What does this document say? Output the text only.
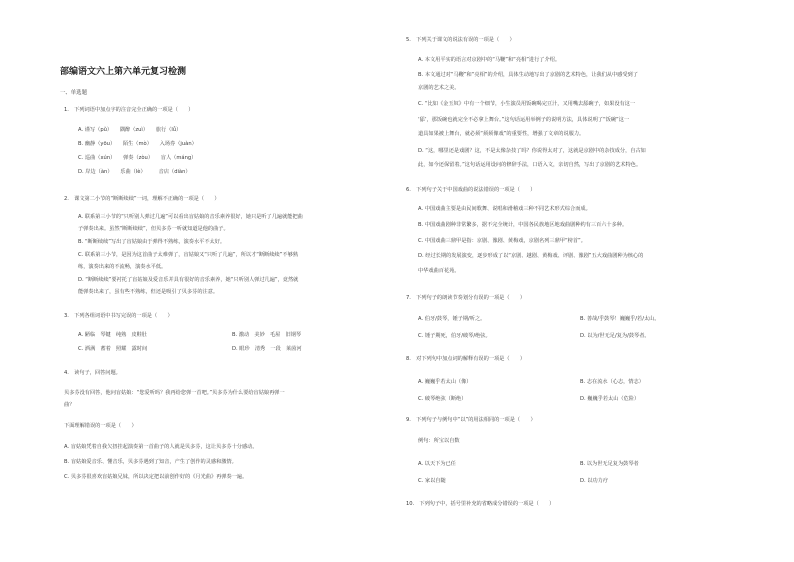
部编语文六上第六单元复习检测
一、单选题
1.　下列词语中加点字的注音完全正确的一项是（　　）
A. 谨写（pǔ）　　隅醉（zuì）　　旅行（lǚ）
B. 幽静（yōu）　　陌生（mò）　　入场券（juàn）
C. 巡曲（xún）　　弹奏（zòu）　　盲人（máng）
D. 岸边（àn）　　乐曲（lè）　　　音店（diàn）
2.　课文第二小节的“断断续续”一词，理解不正确的一项是（　　）
A. 联系第三小节的“只听别人弹过几遍”可以看出盲姑娘的音乐素养很好，她只是听了几遍就能把曲
子弹奏出来。虽然“断断续续”，但贝多芬一听就知道是他的曲子。
B. “断断续续”写出了盲姑娘由于弹得不熟练，演奏水平不太好。
C. 联系第三小节，是因为这首曲子太难弹了，盲姑娘又“只听了几遍”，所以才“断断续续”不够熟
练，演奏出来的不流畅，演奏水平低。
D. “断断续续”要衬托了盲姑娘及爱音乐并具有很好的音乐素养，她“只听别人弹过几遍”，竟然就
能弹奏出来了，虽有些不熟练，但还是吸引了贝多芬的注意。
3.　下列各组词语中书写完误的一项是（　　）
A. 陋临　琴键　纯熟　皮鞋肚	B. 激动　美妙　毛屋　旧钢琴
C. 洒满　蓄着　照耀　露时间	D. 眼珍　清秀　一段　莱茵河
4.　读句子，回答问题。
贝多芬没有回答，他问盲姑娘：“您爱听吗？我再给您弹一首吧。”贝多芬为什么要给盲姑娘再弹一
曲？
下面理解错误的一项是（　　）
A. 盲姑娘凭着自我欠扭挂起演奏第一首曲子的人就是贝多芬，这让贝多芬十分感动。
B. 盲姑娘爱音乐、懂音乐，贝多芬遇到了知音，产生了创作的灵感和激情。
C. 贝多芬很喜欢盲姑娘兄妹，所以决定把以前创作好的《月光曲》再弹奏一遍。
5.　下列关于课文的说法有误的一项是（　　）
A. 本文用平实的语言对京剧中的“马鞭”和“亮相”进行了介绍。
B. 本文通过对“马鞭”和“亮相”的介绍，具体生动地写出了京剧的艺术特色，让我们从中感受到了
京剧的艺术之美。
C. “比如《金玉奴》中有一个细节，小生演员用饭碗喝完豆汁，又用嘴去舔碗子，如果没有这一
‘舔’，那饭碗也就完全不必拿上舞台。”这句话运用举例子的说明方法，具体说明了“饭碗”这一
道具如果被上舞台，就必须“须须像戏”的重要性，增强了文章的说服力。
D. “这，哪里还是戏剧？这，不是太像杂技了吗？你说得太对了，这就是京剧中的杂技成分，自古如
此，如今还保留着。”这句话运用设问的修辞手法，口语入文，亲切自然，写出了京剧的艺术特色。
6.　下列句子关于中国戏曲的说法错误的一项是（　　）
A. 中国戏曲主要是由民间歌舞、说唱和滑稽戏三种不同艺术形式综合而成。
B. 中国戏曲剧种非常繁多，据不完全统计，中国各民族地区地戏曲剧种约有三百六十多种。
C. 中国戏曲三鼎甲是指：京剧、豫剧、黄梅戏，京剧名列三鼎甲“榜首”。
D. 经过长期的发展演变，逐步形成了以“京剧、越剧、黄梅戏、评剧、豫剧”五大戏曲剧种为核心的
中华戏曲百花苑。
7.　下列句子的朗读节奏划分有误的一项是（　　）
A. 伯牙/鼓琴，锺子期/听之。	B. 善哉/乎鼓琴！巍巍乎/若/太山。
C. 锺子期死，伯牙/破琴/绝弦。	D. 以为/世无足/复为/鼓琴者。
8.　对下列句中加点词的解释有误的一项是（　　）
A. 巍巍乎若太山（像）	B. 志在流水（心志，情志）
C. 破琴绝弦（断绝）	D. 巍巍乎若太山（危险）
9.　下列句子与例句中“以”的用法相同的一项是（　　）
例句：所宝以自数
A. 以天下为已任	B. 以为世无足复为鼓琴者
C. 家以自随	D. 以功力疗
10.　下列句子中，括号里补充的省略成分错误的一项是（　　）
